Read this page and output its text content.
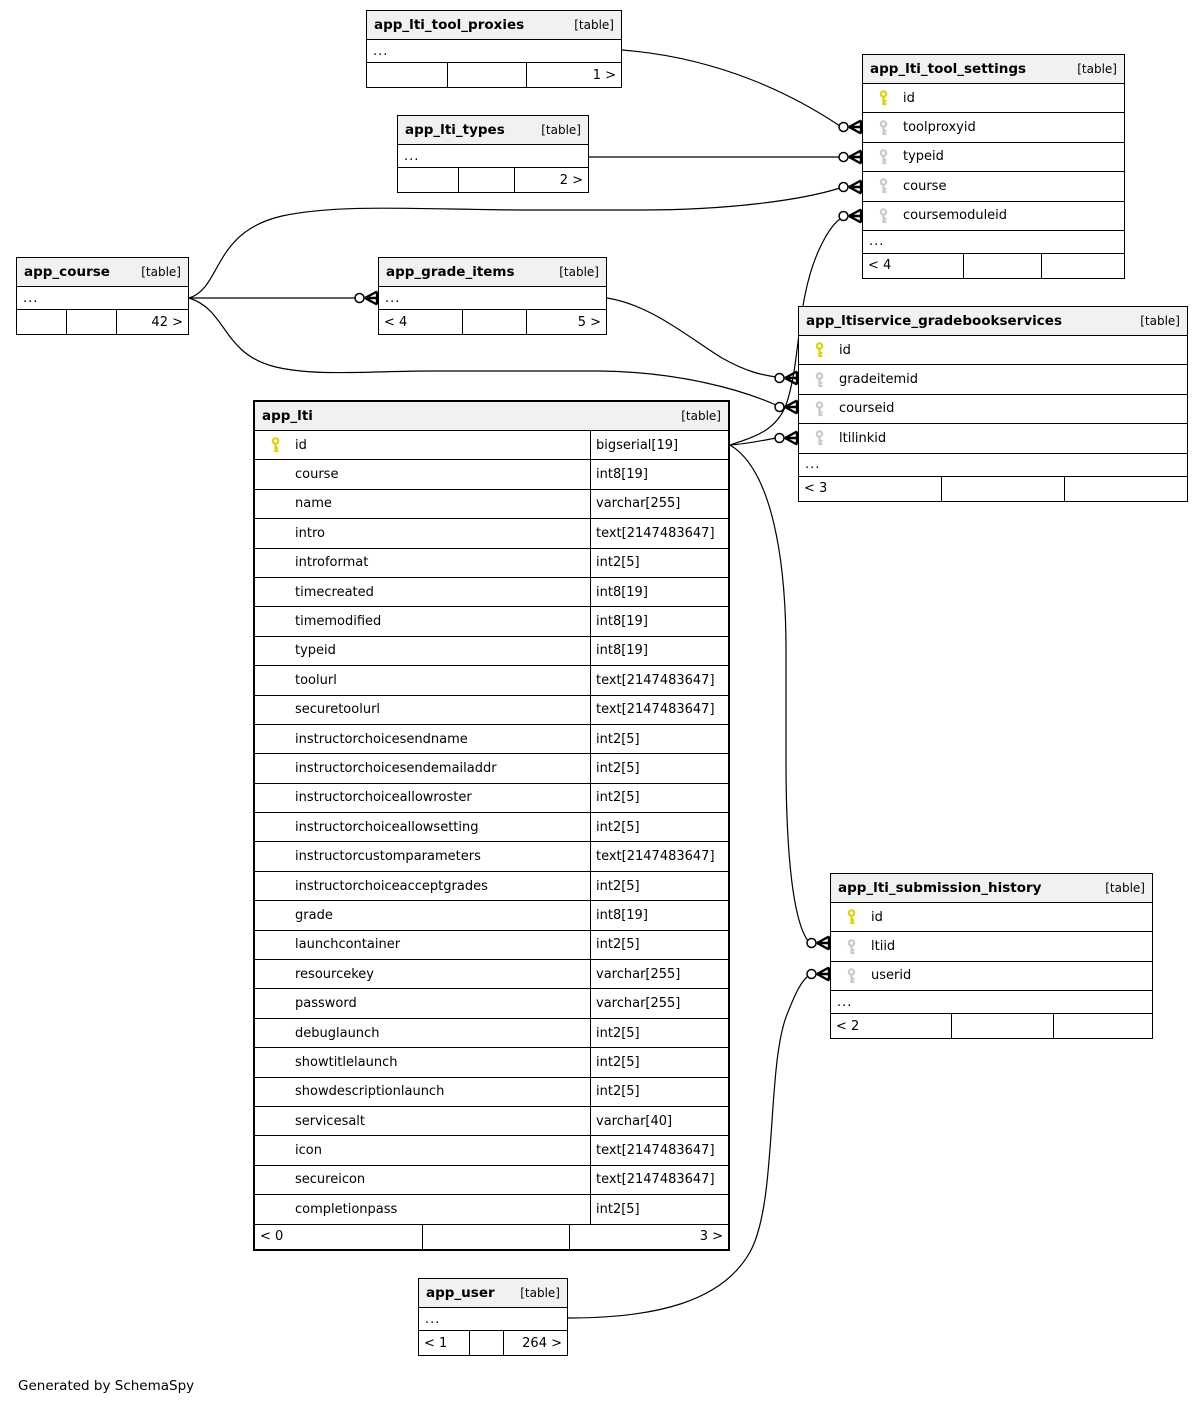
app_lti_tool_proxies	[table]
...
1 >
app_lti_types	[table]
...
2 >
app_lti_tool_settings	[table]
id
toolproxyid
typeid
course
coursemoduleid
...
< 4
app_course	[table]
...
42 >
app_grade_items	[table]
...
< 4	5 >	app_ltiservice_gradebookservices	[table]
id
gradeitemid
courseid
ltilinkid
...
< 3
app_lti	[table]
id	bigserial[19]
course	int8[19]
name	varchar[255]
intro	text[2147483647]
introformat	int2[5]
timecreated	int8[19]
timemodified	int8[19]
typeid	int8[19]
toolurl	text[2147483647]
securetoolurl	text[2147483647]
instructorchoicesendname	int2[5]
instructorchoicesendemailaddr	int2[5]
instructorchoiceallowroster	int2[5]
instructorchoiceallowsetting	int2[5]
instructorcustomparameters	text[2147483647]
instructorchoiceacceptgrades	int2[5]
grade	int8[19]
launchcontainer	int2[5]
resourcekey	varchar[255]
password	varchar[255]
debuglaunch	int2[5]
showtitlelaunch	int2[5]
showdescriptionlaunch	int2[5]
servicesalt	varchar[40]
icon	text[2147483647]
secureicon	text[2147483647]
completionpass	int2[5]
< 0	3 >
app_lti_submission_history	[table]
id
ltiid
userid
...
< 2
app_user [table]
...
< 1	264 >
Generated by SchemaSpy
